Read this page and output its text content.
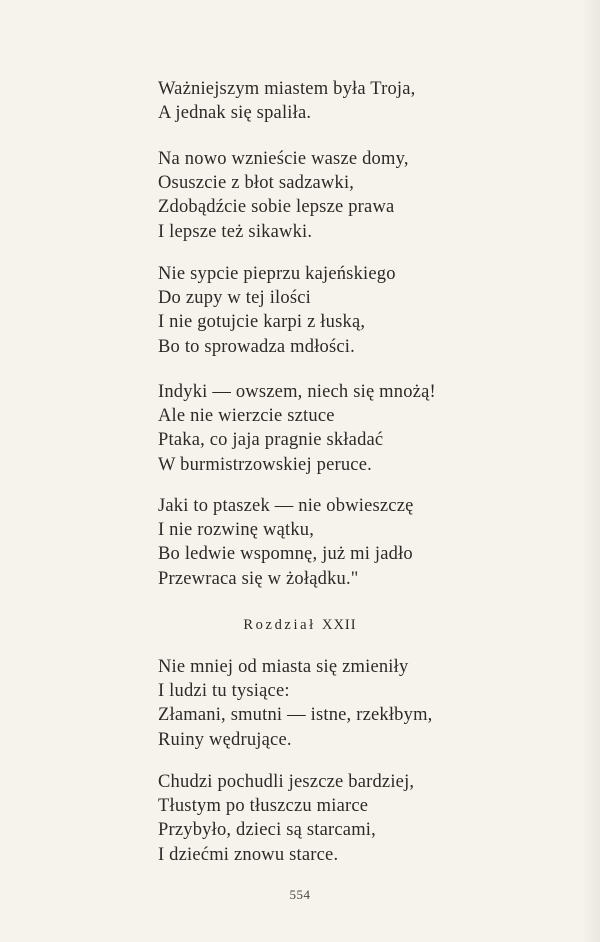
Ważniejszym miastem była Troja,
A jednak się spaliła.
Na nowo wznieście wasze domy,
Osuszcie z błot sadzawki,
Zdobądźcie sobie lepsze prawa
I lepsze też sikawki.
Nie sypcie pieprzu kajeńskiego
Do zupy w tej ilości
I nie gotujcie karpi z łuską,
Bo to sprowadza mdłości.
Indyki — owszem, niech się mnożą!
Ale nie wierzcie sztuce
Ptaka, co jaja pragnie składać
W burmistrzowskiej peruce.
Jaki to ptaszek — nie obwieszczę
I nie rozwinę wątku,
Bo ledwie wspomnę, już mi jadło
Przewraca się w żołądku."
Rozdział XXII
Nie mniej od miasta się zmieniły
I ludzi tu tysiące:
Złamani, smutni — istne, rzekłbym,
Ruiny wędrujące.
Chudzi pochudli jeszcze bardziej,
Tłustym po tłuszczu miarce
Przybyło, dzieci są starcami,
I dziećmi znowu starce.
554
